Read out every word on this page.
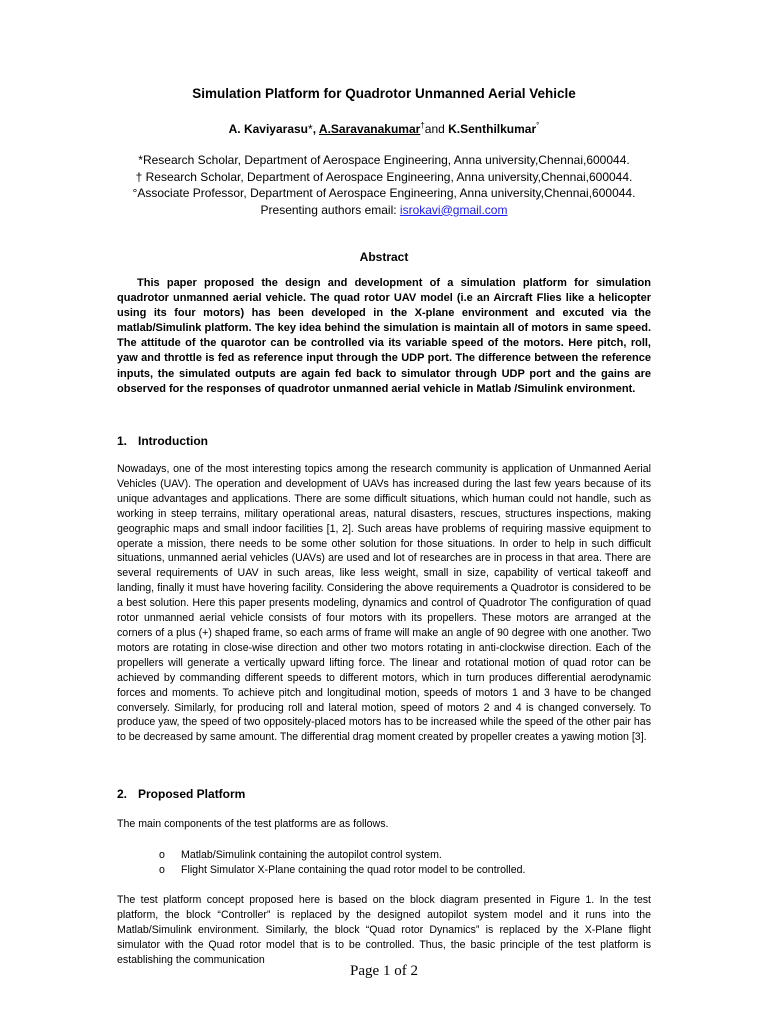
Simulation Platform for Quadrotor Unmanned Aerial Vehicle
A. Kaviyarasu*, A.Saravanakumar†and K.Senthilkumar°
*Research Scholar, Department of Aerospace Engineering, Anna university,Chennai,600044.
† Research Scholar, Department of Aerospace Engineering, Anna university,Chennai,600044.
°Associate Professor, Department of Aerospace Engineering, Anna university,Chennai,600044.
Presenting authors email: isrokavi@gmail.com
Abstract

This paper proposed the design and development of a simulation platform for simulation quadrotor unmanned aerial vehicle. The quad rotor UAV model (i.e an Aircraft Flies like a helicopter using its four motors) has been developed in the X-plane environment and excuted via the matlab/Simulink platform. The key idea behind the simulation is maintain all of motors in same speed. The attitude of the quarotor can be controlled via its variable speed of the motors. Here pitch, roll, yaw and throttle is fed as reference input through the UDP port. The difference between the reference inputs, the simulated outputs are again fed back to simulator through UDP port and the gains are observed for the responses of quadrotor unmanned aerial vehicle in Matlab /Simulink environment.

1. Introduction

Nowadays, one of the most interesting topics among the research community is application of Unmanned Aerial Vehicles (UAV). The operation and development of UAVs has increased during the last few years because of its unique advantages and applications. There are some difficult situations, which human could not handle, such as working in steep terrains, military operational areas, natural disasters, rescues, structures inspections, making geographic maps and small indoor facilities [1, 2]. Such areas have problems of requiring massive equipment to operate a mission, there needs to be some other solution for those situations. In order to help in such difficult situations, unmanned aerial vehicles (UAVs) are used and lot of researches are in process in that area. There are several requirements of UAV in such areas, like less weight, small in size, capability of vertical takeoff and landing, finally it must have hovering facility. Considering the above requirements a Quadrotor is considered to be a best solution. Here this paper presents modeling, dynamics and control of Quadrotor The configuration of quad rotor unmanned aerial vehicle consists of four motors with its propellers. These motors are arranged at the corners of a plus (+) shaped frame, so each arms of frame will make an angle of 90 degree with one another. Two motors are rotating in close-wise direction and other two motors rotating in anti-clockwise direction. Each of the propellers will generate a vertically upward lifting force. The linear and rotational motion of quad rotor can be achieved by commanding different speeds to different motors, which in turn produces differential aerodynamic forces and moments. To achieve pitch and longitudinal motion, speeds of motors 1 and 3 have to be changed conversely. Similarly, for producing roll and lateral motion, speed of motors 2 and 4 is changed conversely. To produce yaw, the speed of two oppositely-placed motors has to be increased while the speed of the other pair has to be decreased by same amount. The differential drag moment created by propeller creates a yawing motion [3].

2. Proposed Platform

The main components of the test platforms are as follows.

o	Matlab/Simulink containing the autopilot control system.
o	Flight Simulator X-Plane containing the quad rotor model to be controlled.

The test platform concept proposed here is based on the block diagram presented in Figure 1. In the test platform, the block “Controller” is replaced by the designed autopilot system model and it runs into the Matlab/Simulink environment. Similarly, the block “Quad rotor Dynamics” is replaced by the X-Plane flight simulator with the Quad rotor model that is to be controlled. Thus, the basic principle of the test platform is establishing the communication

Page 1 of 2
